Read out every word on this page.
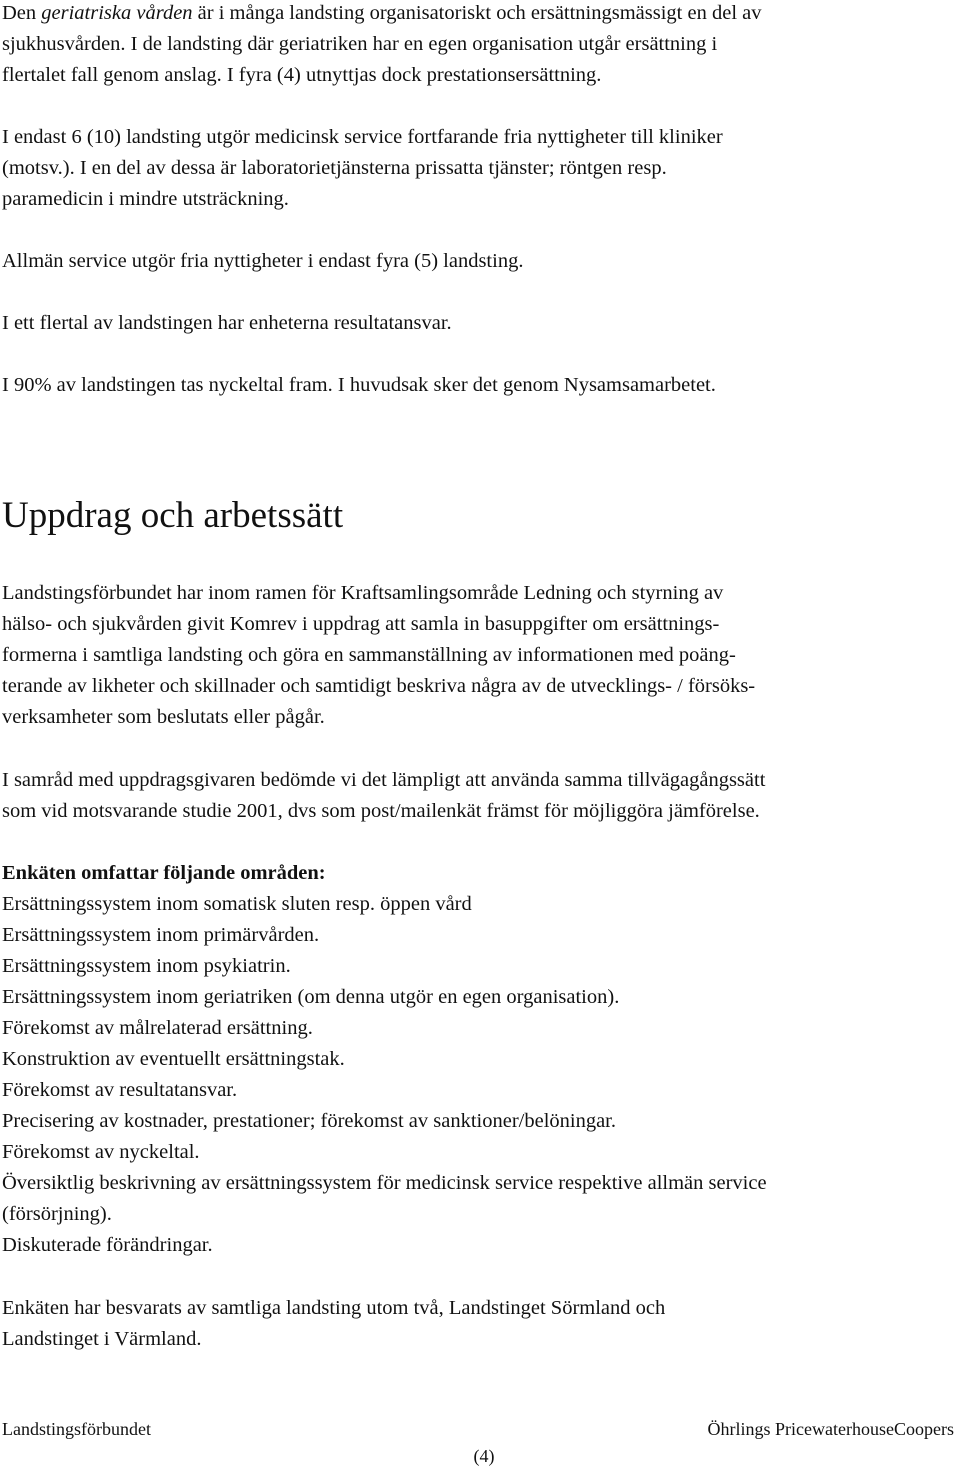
Den geriatriska vården är i många landsting organisatoriskt och ersättningsmässigt en del av
sjukhusvården. I de landsting där geriatriken har en egen organisation utgår ersättning i
flertalet fall genom anslag. I fyra (4) utnyttjas dock prestationsersättning.

I endast 6 (10) landsting utgör medicinsk service fortfarande fria nyttigheter till kliniker
(motsv.). I en del av dessa är laboratorietjänsterna prissatta tjänster; röntgen resp.
paramedicin i mindre utsträckning.

Allmän service utgör fria nyttigheter i endast fyra (5) landsting.

I ett flertal av landstingen har enheterna resultatansvar.

I 90% av landstingen tas nyckeltal fram. I huvudsak sker det genom Nysamsamarbetet.

Uppdrag och arbetssätt

Landstingsförbundet har inom ramen för Kraftsamlingsområde Ledning och styrning av
hälso- och sjukvården givit Komrev i uppdrag att samla in basuppgifter om ersättnings-
formerna i samtliga landsting och göra en sammanställning av informationen med poäng-
terande av likheter och skillnader och samtidigt beskriva några av de utvecklings- / försöks-
verksamheter som beslutats eller pågår.

I samråd med uppdragsgivaren bedömde vi det lämpligt att använda samma tillvägagångssätt
som vid motsvarande studie 2001, dvs som post/mailenkät främst för möjliggöra jämförelse.

Enkäten omfattar följande områden:
Ersättningssystem inom somatisk sluten resp. öppen vård
Ersättningssystem inom primärvården.
Ersättningssystem inom psykiatrin.
Ersättningssystem inom geriatriken (om denna utgör en egen organisation).
Förekomst av målrelaterad ersättning.
Konstruktion av eventuellt ersättningstak.
Förekomst av resultatansvar.
Precisering av kostnader, prestationer; förekomst av sanktioner/belöningar.
Förekomst av nyckeltal.
Översiktlig beskrivning av ersättningssystem för medicinsk service respektive allmän service
(försörjning).
Diskuterade förändringar.

Enkäten har besvarats av samtliga landsting utom två, Landstinget Sörmland och
Landstinget i Värmland.

Landstingsförbundet	Öhrlings PricewaterhouseCoopers
(4)
